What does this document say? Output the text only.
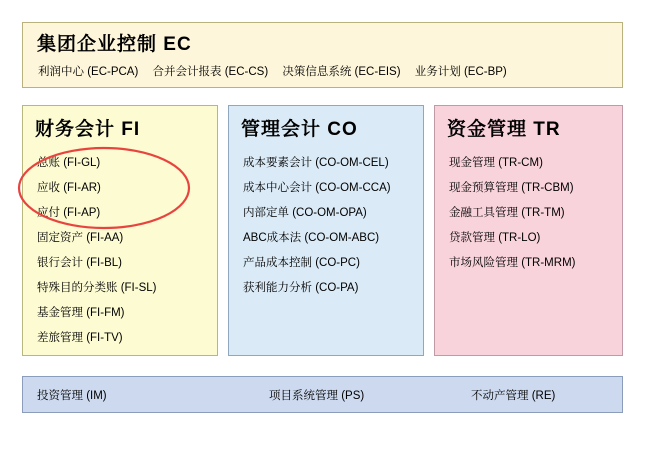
集团企业控制 EC
利润中心 (EC-PCA) 合并会计报表 (EC-CS) 决策信息系统 (EC-EIS) 业务计划 (EC-BP)
财务会计 FI
总账 (FI-GL)
应收 (FI-AR)
应付 (FI-AP)
固定资产 (FI-AA)
银行会计 (FI-BL)
特殊目的分类账 (FI-SL)
基金管理 (FI-FM)
差旅管理 (FI-TV)
管理会计 CO
成本要素会计 (CO-OM-CEL)
成本中心会计 (CO-OM-CCA)
内部定单 (CO-OM-OPA)
ABC成本法 (CO-OM-ABC)
产品成本控制 (CO-PC)
获利能力分析 (CO-PA)
资金管理 TR
现金管理 (TR-CM)
现金预算管理 (TR-CBM)
金融工具管理 (TR-TM)
贷款管理 (TR-LO)
市场风险管理 (TR-MRM)
投资管理 (IM)	项目系统管理 (PS)	不动产管理 (RE)
